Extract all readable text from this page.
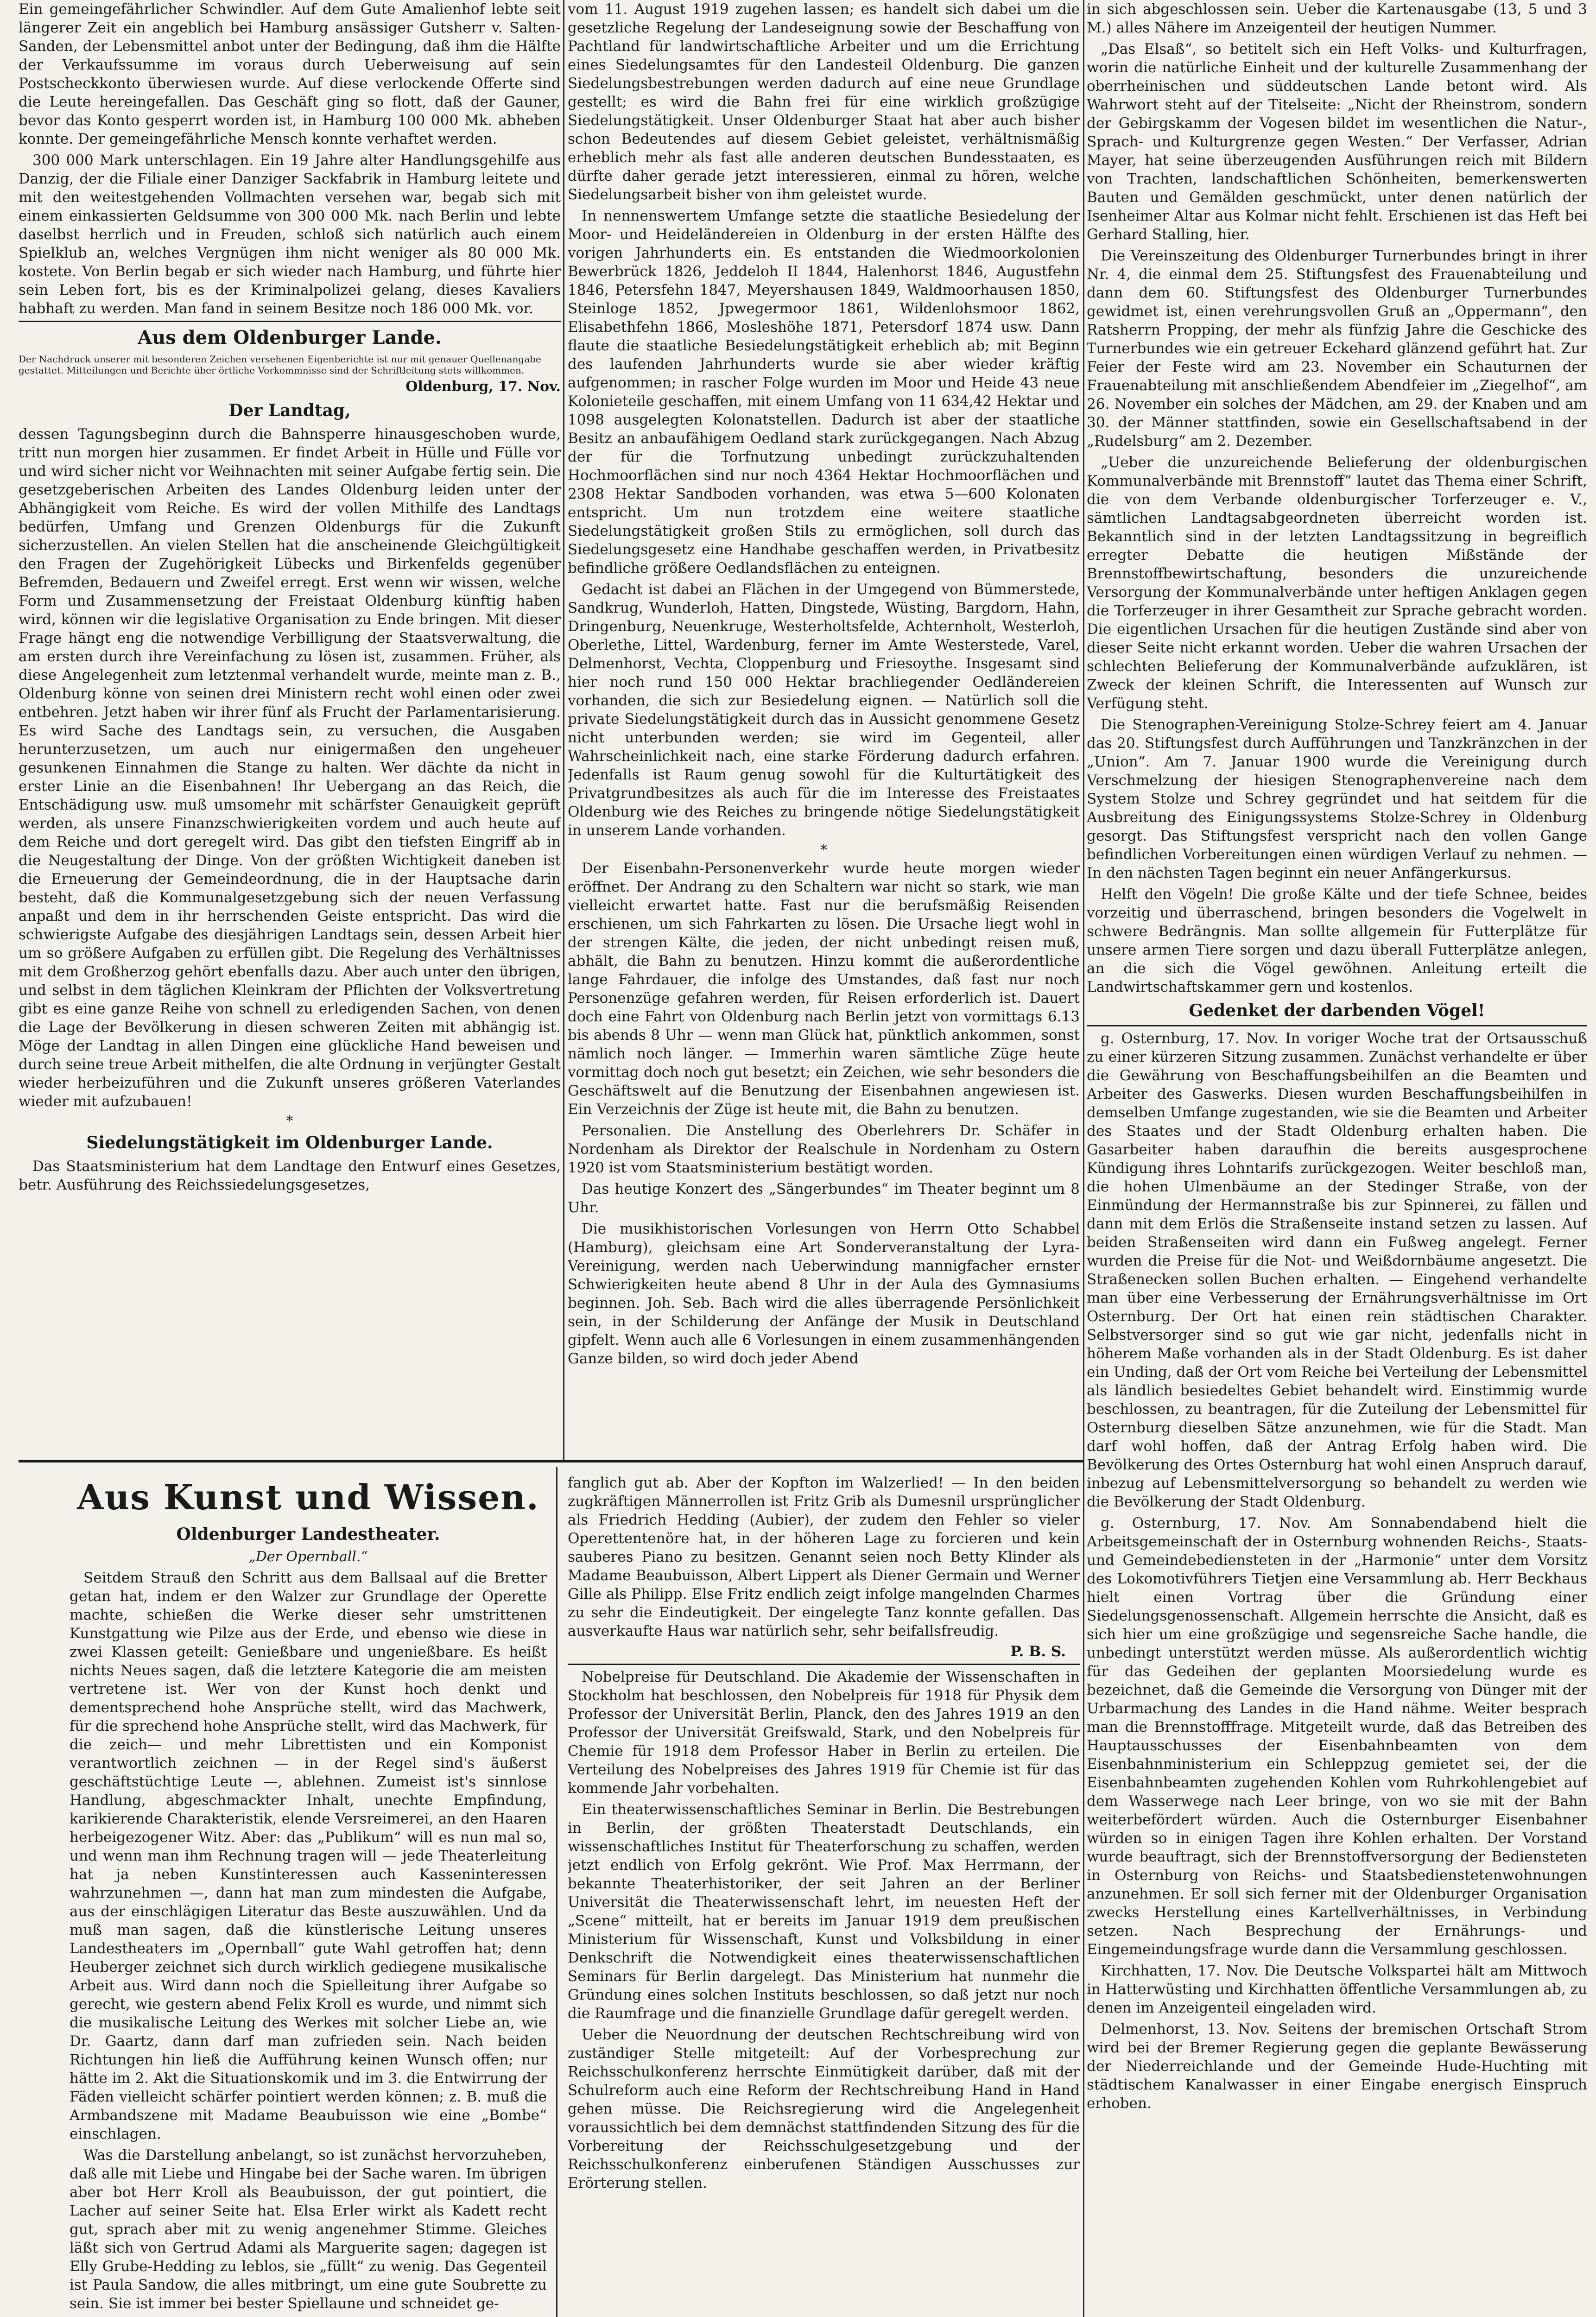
Ein gemeingefährlicher Schwindler. Auf dem Gute Amalienhof lebte seit längerer Zeit ein angeblich bei Hamburg ansässiger Gutsherr v. Salten-Sanden, der Lebensmittel anbot unter der Bedingung, daß ihm die Hälfte der Verkaufssumme im voraus durch Ueberweisung auf sein Postscheckkonto überwiesen wurde. Auf diese verlockende Offerte sind die Leute hereingefallen. Das Geschäft ging so flott, daß der Gauner, bevor das Konto gesperrt worden ist, in Hamburg 100 000 Mk. abheben konnte. Der gemeingefährliche Mensch konnte verhaftet werden.

300 000 Mark unterschlagen. Ein 19 Jahre alter Handlungsgehilfe aus Danzig, der die Filiale einer Danziger Sackfabrik in Hamburg leitete und mit den weitestgehenden Vollmachten versehen war, begab sich mit einem einkassierten Geldsumme von 300 000 Mk. nach Berlin und lebte daselbst herrlich und in Freuden, schloß sich natürlich auch einem Spielklub an, welches Vergnügen ihm nicht weniger als 80 000 Mk. kostete. Von Berlin begab er sich wieder nach Hamburg, und führte hier sein Leben fort, bis es der Kriminalpolizei gelang, dieses Kavaliers habhaft zu werden. Man fand in seinem Besitze noch 186 000 Mk. vor.

Aus dem Oldenburger Lande.

Der Nachdruck unserer mit besonderen Zeichen versehenen Eigenberichte ist nur mit genauer Quellenangabe gestattet. Mitteilungen und Berichte über örtliche Vorkommnisse sind der Schriftleitung stets willkommen.

Oldenburg, 17. Nov.
Der Landtag,

dessen Tagungsbeginn durch die Bahnsperre hinausgeschoben wurde, tritt nun morgen hier zusammen. Er findet Arbeit in Hülle und Fülle vor und wird sicher nicht vor Weihnachten mit seiner Aufgabe fertig sein. Die gesetzgeberischen Arbeiten des Landes Oldenburg leiden unter der Abhängigkeit vom Reiche. Es wird der vollen Mithilfe des Landtags bedürfen, Umfang und Grenzen Oldenburgs für die Zukunft sicherzustellen. An vielen Stellen hat die anscheinende Gleichgültigkeit den Fragen der Zugehörigkeit Lübecks und Birkenfelds gegenüber Befremden, Bedauern und Zweifel erregt. Erst wenn wir wissen, welche Form und Zusammensetzung der Freistaat Oldenburg künftig haben wird, können wir die legislative Organisation zu Ende bringen. Mit dieser Frage hängt eng die notwendige Verbilligung der Staatsverwaltung, die am ersten durch ihre Vereinfachung zu lösen ist, zusammen. Früher, als diese Angelegenheit zum letztenmal verhandelt wurde, meinte man z. B., Oldenburg könne von seinen drei Ministern recht wohl einen oder zwei entbehren. Jetzt haben wir ihrer fünf als Frucht der Parlamentarisierung. Es wird Sache des Landtags sein, zu versuchen, die Ausgaben herunterzusetzen, um auch nur einigermaßen den ungeheuer gesunkenen Einnahmen die Stange zu halten. Wer dächte da nicht in erster Linie an die Eisenbahnen! Ihr Uebergang an das Reich, die Entschädigung usw. muß umsomehr mit schärfster Genauigkeit geprüft werden, als unsere Finanzschwierigkeiten vordem und auch heute auf dem Reiche und dort geregelt wird. Das gibt den tiefsten Eingriff ab in die Neugestaltung der Dinge. Von der größten Wichtigkeit daneben ist die Erneuerung der Gemeindeordnung, die in der Hauptsache darin besteht, daß die Kommunalgesetzgebung sich der neuen Verfassung anpaßt und dem in ihr herrschenden Geiste entspricht. Das wird die schwierigste Aufgabe des diesjährigen Landtags sein, dessen Arbeit hier um so größere Aufgaben zu erfüllen gibt. Die Regelung des Verhältnisses mit dem Großherzog gehört ebenfalls dazu. Aber auch unter den übrigen, und selbst in dem täglichen Kleinkram der Pflichten der Volksvertretung gibt es eine ganze Reihe von schnell zu erledigenden Sachen, von denen die Lage der Bevölkerung in diesen schweren Zeiten mit abhängig ist. Möge der Landtag in allen Dingen eine glückliche Hand beweisen und durch seine treue Arbeit mithelfen, die alte Ordnung in verjüngter Gestalt wieder herbeizuführen und die Zukunft unseres größeren Vaterlandes wieder mit aufzubauen!

*
Siedelungstätigkeit im Oldenburger Lande.

Das Staatsministerium hat dem Landtage den Entwurf eines Gesetzes, betr. Ausführung des Reichssiedelungsgesetzes,

vom 11. August 1919 zugehen lassen; es handelt sich dabei um die gesetzliche Regelung der Landeseignung sowie der Beschaffung von Pachtland für landwirtschaftliche Arbeiter und um die Errichtung eines Siedelungsamtes für den Landesteil Oldenburg. Die ganzen Siedelungsbestrebungen werden dadurch auf eine neue Grundlage gestellt; es wird die Bahn frei für eine wirklich großzügige Siedelungstätigkeit. Unser Oldenburger Staat hat aber auch bisher schon Bedeutendes auf diesem Gebiet geleistet, verhältnismäßig erheblich mehr als fast alle anderen deutschen Bundesstaaten, es dürfte daher gerade jetzt interessieren, einmal zu hören, welche Siedelungsarbeit bisher von ihm geleistet wurde.

In nennenswertem Umfange setzte die staatliche Besiedelung der Moor- und Heideländereien in Oldenburg in der ersten Hälfte des vorigen Jahrhunderts ein. Es entstanden die Wiedmoorkolonien Bewerbrück 1826, Jeddeloh II 1844, Halenhorst 1846, Augustfehn 1846, Petersfehn 1847, Meyershausen 1849, Waldmoorhausen 1850, Steinloge 1852, Jpwegermoor 1861, Wildenlohsmoor 1862, Elisabethfehn 1866, Mosleshöhe 1871, Petersdorf 1874 usw. Dann flaute die staatliche Besiedelungstätigkeit erheblich ab; mit Beginn des laufenden Jahrhunderts wurde sie aber wieder kräftig aufgenommen; in rascher Folge wurden im Moor und Heide 43 neue Kolonieteile geschaffen, mit einem Umfang von 11 634,42 Hektar und 1098 ausgelegten Kolonatstellen. Dadurch ist aber der staatliche Besitz an anbaufähigem Oedland stark zurückgegangen. Nach Abzug der für die Torfnutzung unbedingt zurückzuhaltenden Hochmoorflächen sind nur noch 4364 Hektar Hochmoorflächen und 2308 Hektar Sandboden vorhanden, was etwa 5—600 Kolonaten entspricht. Um nun trotzdem eine weitere staatliche Siedelungstätigkeit großen Stils zu ermöglichen, soll durch das Siedelungsgesetz eine Handhabe geschaffen werden, in Privatbesitz befindliche größere Oedlandsflächen zu enteignen.

Gedacht ist dabei an Flächen in der Umgegend von Bümmerstede, Sandkrug, Wunderloh, Hatten, Dingstede, Wüsting, Bargdorn, Hahn, Dringenburg, Neuenkruge, Westerholtsfelde, Achternholt, Westerloh, Oberlethe, Littel, Wardenburg, ferner im Amte Westerstede, Varel, Delmenhorst, Vechta, Cloppenburg und Friesoythe. Insgesamt sind hier noch rund 150 000 Hektar brachliegender Oedländereien vorhanden, die sich zur Besiedelung eignen. — Natürlich soll die private Siedelungstätigkeit durch das in Aussicht genommene Gesetz nicht unterbunden werden; sie wird im Gegenteil, aller Wahrscheinlichkeit nach, eine starke Förderung dadurch erfahren. Jedenfalls ist Raum genug sowohl für die Kulturtätigkeit des Privatgrundbesitzes als auch für die im Interesse des Freistaates Oldenburg wie des Reiches zu bringende nötige Siedelungstätigkeit in unserem Lande vorhanden.

*

Der Eisenbahn-Personenverkehr wurde heute morgen wieder eröffnet. Der Andrang zu den Schaltern war nicht so stark, wie man vielleicht erwartet hatte. Fast nur die berufsmäßig Reisenden erschienen, um sich Fahrkarten zu lösen. Die Ursache liegt wohl in der strengen Kälte, die jeden, der nicht unbedingt reisen muß, abhält, die Bahn zu benutzen. Hinzu kommt die außerordentliche lange Fahrdauer, die infolge des Umstandes, daß fast nur noch Personenzüge gefahren werden, für Reisen erforderlich ist. Dauert doch eine Fahrt von Oldenburg nach Berlin jetzt von vormittags 6.13 bis abends 8 Uhr — wenn man Glück hat, pünktlich ankommen, sonst nämlich noch länger. — Immerhin waren sämtliche Züge heute vormittag doch noch gut besetzt; ein Zeichen, wie sehr besonders die Geschäftswelt auf die Benutzung der Eisenbahnen angewiesen ist. Ein Verzeichnis der Züge ist heute mit, die Bahn zu benutzen.

Personalien. Die Anstellung des Oberlehrers Dr. Schäfer in Nordenham als Direktor der Realschule in Nordenham zu Ostern 1920 ist vom Staatsministerium bestätigt worden.

Das heutige Konzert des „Sängerbundes“ im Theater beginnt um 8 Uhr.

Die musikhistorischen Vorlesungen von Herrn Otto Schabbel (Hamburg), gleichsam eine Art Sonderveranstaltung der Lyra-Vereinigung, werden nach Ueberwindung mannigfacher ernster Schwierigkeiten heute abend 8 Uhr in der Aula des Gymnasiums beginnen. Joh. Seb. Bach wird die alles überragende Persönlichkeit sein, in der Schilderung der Anfänge der Musik in Deutschland gipfelt. Wenn auch alle 6 Vorlesungen in einem zusammenhängenden Ganze bilden, so wird doch jeder Abend

in sich abgeschlossen sein. Ueber die Kartenausgabe (13, 5 und 3 M.) alles Nähere im Anzeigenteil der heutigen Nummer.

„Das Elsaß“, so betitelt sich ein Heft Volks- und Kulturfragen, worin die natürliche Einheit und der kulturelle Zusammenhang der oberrheinischen und süddeutschen Lande betont wird. Als Wahrwort steht auf der Titelseite: „Nicht der Rheinstrom, sondern der Gebirgskamm der Vogesen bildet im wesentlichen die Natur-, Sprach- und Kulturgrenze gegen Westen.“ Der Verfasser, Adrian Mayer, hat seine überzeugenden Ausführungen reich mit Bildern von Trachten, landschaftlichen Schönheiten, bemerkenswerten Bauten und Gemälden geschmückt, unter denen natürlich der Isenheimer Altar aus Kolmar nicht fehlt. Erschienen ist das Heft bei Gerhard Stalling, hier.

Die Vereinszeitung des Oldenburger Turnerbundes bringt in ihrer Nr. 4, die einmal dem 25. Stiftungsfest des Frauenabteilung und dann dem 60. Stiftungsfest des Oldenburger Turnerbundes gewidmet ist, einen verehrungsvollen Gruß an „Oppermann“, den Ratsherrn Propping, der mehr als fünfzig Jahre die Geschicke des Turnerbundes wie ein getreuer Eckehard glänzend geführt hat. Zur Feier der Feste wird am 23. November ein Schauturnen der Frauenabteilung mit anschließendem Abendfeier im „Ziegelhof“, am 26. November ein solches der Mädchen, am 29. der Knaben und am 30. der Männer stattfinden, sowie ein Gesellschaftsabend in der „Rudelsburg“ am 2. Dezember.

„Ueber die unzureichende Belieferung der oldenburgischen Kommunalverbände mit Brennstoff“ lautet das Thema einer Schrift, die von dem Verbande oldenburgischer Torferzeuger e. V., sämtlichen Landtagsabgeordneten überreicht worden ist. Bekanntlich sind in der letzten Landtagssitzung in begreiflich erregter Debatte die heutigen Mißstände der Brennstoffbewirtschaftung, besonders die unzureichende Versorgung der Kommunalverbände unter heftigen Anklagen gegen die Torferzeuger in ihrer Gesamtheit zur Sprache gebracht worden. Die eigentlichen Ursachen für die heutigen Zustände sind aber von dieser Seite nicht erkannt worden. Ueber die wahren Ursachen der schlechten Belieferung der Kommunalverbände aufzuklären, ist Zweck der kleinen Schrift, die Interessenten auf Wunsch zur Verfügung steht.

Die Stenographen-Vereinigung Stolze-Schrey feiert am 4. Januar das 20. Stiftungsfest durch Aufführungen und Tanzkränzchen in der „Union“. Am 7. Januar 1900 wurde die Vereinigung durch Verschmelzung der hiesigen Stenographenvereine nach dem System Stolze und Schrey gegründet und hat seitdem für die Ausbreitung des Einigungssystems Stolze-Schrey in Oldenburg gesorgt. Das Stiftungsfest verspricht nach den vollen Gange befindlichen Vorbereitungen einen würdigen Verlauf zu nehmen. — In den nächsten Tagen beginnt ein neuer Anfängerkursus.

Helft den Vögeln! Die große Kälte und der tiefe Schnee, beides vorzeitig und überraschend, bringen besonders die Vogelwelt in schwere Bedrängnis. Man sollte allgemein für Futterplätze für unsere armen Tiere sorgen und dazu überall Futterplätze anlegen, an die sich die Vögel gewöhnen. Anleitung erteilt die Landwirtschaftskammer gern und kostenlos.

Gedenket der darbenden Vögel!

g. Osternburg, 17. Nov. In voriger Woche trat der Ortsausschuß zu einer kürzeren Sitzung zusammen. Zunächst verhandelte er über die Gewährung von Beschaffungsbeihilfen an die Beamten und Arbeiter des Gaswerks. Diesen wurden Beschaffungsbeihilfen in demselben Umfange zugestanden, wie sie die Beamten und Arbeiter des Staates und der Stadt Oldenburg erhalten haben. Die Gasarbeiter haben daraufhin die bereits ausgesprochene Kündigung ihres Lohntarifs zurückgezogen. Weiter beschloß man, die hohen Ulmenbäume an der Stedinger Straße, von der Einmündung der Hermannstraße bis zur Spinnerei, zu fällen und dann mit dem Erlös die Straßenseite instand setzen zu lassen. Auf beiden Straßenseiten wird dann ein Fußweg angelegt. Ferner wurden die Preise für die Not- und Weißdornbäume angesetzt. Die Straßenecken sollen Buchen erhalten. — Eingehend verhandelte man über eine Verbesserung der Ernährungsverhältnisse im Ort Osternburg. Der Ort hat einen rein städtischen Charakter. Selbstversorger sind so gut wie gar nicht, jedenfalls nicht in höherem Maße vorhanden als in der Stadt Oldenburg. Es ist daher ein Unding, daß der Ort vom Reiche bei Verteilung der Lebensmittel als ländlich besiedeltes Gebiet behandelt wird. Einstimmig wurde beschlossen, zu beantragen, für die Zuteilung der Lebensmittel für Osternburg dieselben Sätze anzunehmen, wie für die Stadt. Man darf wohl hoffen, daß der Antrag Erfolg haben wird. Die Bevölkerung des Ortes Osternburg hat wohl einen Anspruch darauf, inbezug auf Lebensmittelversorgung so behandelt zu werden wie die Bevölkerung der Stadt Oldenburg.

g. Osternburg, 17. Nov. Am Sonnabendabend hielt die Arbeitsgemeinschaft der in Osternburg wohnenden Reichs-, Staats- und Gemeindebediensteten in der „Harmonie“ unter dem Vorsitz des Lokomotivführers Tietjen eine Versammlung ab. Herr Beckhaus hielt einen Vortrag über die Gründung einer Siedelungsgenossenschaft. Allgemein herrschte die Ansicht, daß es sich hier um eine großzügige und segensreiche Sache handle, die unbedingt unterstützt werden müsse. Als außerordentlich wichtig für das Gedeihen der geplanten Moorsiedelung wurde es bezeichnet, daß die Gemeinde die Versorgung von Dünger mit der Urbarmachung des Landes in die Hand nähme. Weiter besprach man die Brennstofffrage. Mitgeteilt wurde, daß das Betreiben des Hauptausschusses der Eisenbahnbeamten von dem Eisenbahnministerium ein Schleppzug gemietet sei, der die Eisenbahnbeamten zugehenden Kohlen vom Ruhrkohlengebiet auf dem Wasserwege nach Leer bringe, von wo sie mit der Bahn weiterbefördert würden. Auch die Osternburger Eisenbahner würden so in einigen Tagen ihre Kohlen erhalten. Der Vorstand wurde beauftragt, sich der Brennstoffversorgung der Bediensteten in Osternburg von Reichs- und Staatsbedienstetenwohnungen anzunehmen. Er soll sich ferner mit der Oldenburger Organisation zwecks Herstellung eines Kartellverhältnisses, in Verbindung setzen. Nach Besprechung der Ernährungs- und Eingemeindungsfrage wurde dann die Versammlung geschlossen.

Kirchhatten, 17. Nov. Die Deutsche Volkspartei hält am Mittwoch in Hatterwüsting und Kirchhatten öffentliche Versammlungen ab, zu denen im Anzeigenteil eingeladen wird.

Delmenhorst, 13. Nov. Seitens der bremischen Ortschaft Strom wird bei der Bremer Regierung gegen die geplante Bewässerung der Niederreichlande und der Gemeinde Hude-Huchting mit städtischem Kanalwasser in einer Eingabe energisch Einspruch erhoben.

Aus Kunst und Wissen.
Oldenburger Landestheater.
„Der Opernball.“

Seitdem Strauß den Schritt aus dem Ballsaal auf die Bretter getan hat, indem er den Walzer zur Grundlage der Operette machte, schießen die Werke dieser sehr umstrittenen Kunstgattung wie Pilze aus der Erde, und ebenso wie diese in zwei Klassen geteilt: Genießbare und ungenießbare. Es heißt nichts Neues sagen, daß die letztere Kategorie die am meisten vertretene ist. Wer von der Kunst hoch denkt und dementsprechend hohe Ansprüche stellt, wird das Machwerk, für die sprechend hohe Ansprüche stellt, wird das Machwerk, für die zeich— und mehr Librettisten und ein Komponist verantwortlich zeichnen — in der Regel sind's äußerst geschäftstüchtige Leute —, ablehnen. Zumeist ist's sinnlose Handlung, abgeschmackter Inhalt, unechte Empfindung, karikierende Charakteristik, elende Versreimerei, an den Haaren herbeigezogener Witz. Aber: das „Publikum“ will es nun mal so, und wenn man ihm Rechnung tragen will — jede Theaterleitung hat ja neben Kunstinteressen auch Kasseninteressen wahrzunehmen —, dann hat man zum mindesten die Aufgabe, aus der einschlägigen Literatur das Beste auszuwählen. Und da muß man sagen, daß die künstlerische Leitung unseres Landestheaters im „Opernball“ gute Wahl getroffen hat; denn Heuberger zeichnet sich durch wirklich gediegene musikalische Arbeit aus. Wird dann noch die Spielleitung ihrer Aufgabe so gerecht, wie gestern abend Felix Kroll es wurde, und nimmt sich die musikalische Leitung des Werkes mit solcher Liebe an, wie Dr. Gaartz, dann darf man zufrieden sein. Nach beiden Richtungen hin ließ die Aufführung keinen Wunsch offen; nur hätte im 2. Akt die Situationskomik und im 3. die Entwirrung der Fäden vielleicht schärfer pointiert werden können; z. B. muß die Armbandszene mit Madame Beaubuisson wie eine „Bombe“ einschlagen.

Was die Darstellung anbelangt, so ist zunächst hervorzuheben, daß alle mit Liebe und Hingabe bei der Sache waren. Im übrigen aber bot Herr Kroll als Beaubuisson, der gut pointiert, die Lacher auf seiner Seite hat. Elsa Erler wirkt als Kadett recht gut, sprach aber mit zu wenig angenehmer Stimme. Gleiches läßt sich von Gertrud Adami als Marguerite sagen; dagegen ist Elly Grube-Hedding zu leblos, sie „füllt“ zu wenig. Das Gegenteil ist Paula Sandow, die alles mitbringt, um eine gute Soubrette zu sein. Sie ist immer bei bester Spiellaune und schneidet ge-

fanglich gut ab. Aber der Kopfton im Walzerlied! — In den beiden zugkräftigen Männerrollen ist Fritz Grib als Dumesnil ursprünglicher als Friedrich Hedding (Aubier), der zudem den Fehler so vieler Operettentenöre hat, in der höheren Lage zu forcieren und kein sauberes Piano zu besitzen. Genannt seien noch Betty Klinder als Madame Beaubuisson, Albert Lippert als Diener Germain und Werner Gille als Philipp. Else Fritz endlich zeigt infolge mangelnden Charmes zu sehr die Eindeutigkeit. Der eingelegte Tanz konnte gefallen. Das ausverkaufte Haus war natürlich sehr, sehr beifallsfreudig.

P. B. S.

Nobelpreise für Deutschland. Die Akademie der Wissenschaften in Stockholm hat beschlossen, den Nobelpreis für 1918 für Physik dem Professor der Universität Berlin, Planck, den des Jahres 1919 an den Professor der Universität Greifswald, Stark, und den Nobelpreis für Chemie für 1918 dem Professor Haber in Berlin zu erteilen. Die Verteilung des Nobelpreises des Jahres 1919 für Chemie ist für das kommende Jahr vorbehalten.

Ein theaterwissenschaftliches Seminar in Berlin. Die Bestrebungen in Berlin, der größten Theaterstadt Deutschlands, ein wissenschaftliches Institut für Theaterforschung zu schaffen, werden jetzt endlich von Erfolg gekrönt. Wie Prof. Max Herrmann, der bekannte Theaterhistoriker, der seit Jahren an der Berliner Universität die Theaterwissenschaft lehrt, im neuesten Heft der „Scene“ mitteilt, hat er bereits im Januar 1919 dem preußischen Ministerium für Wissenschaft, Kunst und Volksbildung in einer Denkschrift die Notwendigkeit eines theaterwissenschaftlichen Seminars für Berlin dargelegt. Das Ministerium hat nunmehr die Gründung eines solchen Instituts beschlossen, so daß jetzt nur noch die Raumfrage und die finanzielle Grundlage dafür geregelt werden.

Ueber die Neuordnung der deutschen Rechtschreibung wird von zuständiger Stelle mitgeteilt: Auf der Vorbesprechung zur Reichsschulkonferenz herrschte Einmütigkeit darüber, daß mit der Schulreform auch eine Reform der Rechtschreibung Hand in Hand gehen müsse. Die Reichsregierung wird die Angelegenheit voraussichtlich bei dem demnächst stattfindenden Sitzung des für die Vorbereitung der Reichsschulgesetzgebung und der Reichsschulkonferenz einberufenen Ständigen Ausschusses zur Erörterung stellen.
